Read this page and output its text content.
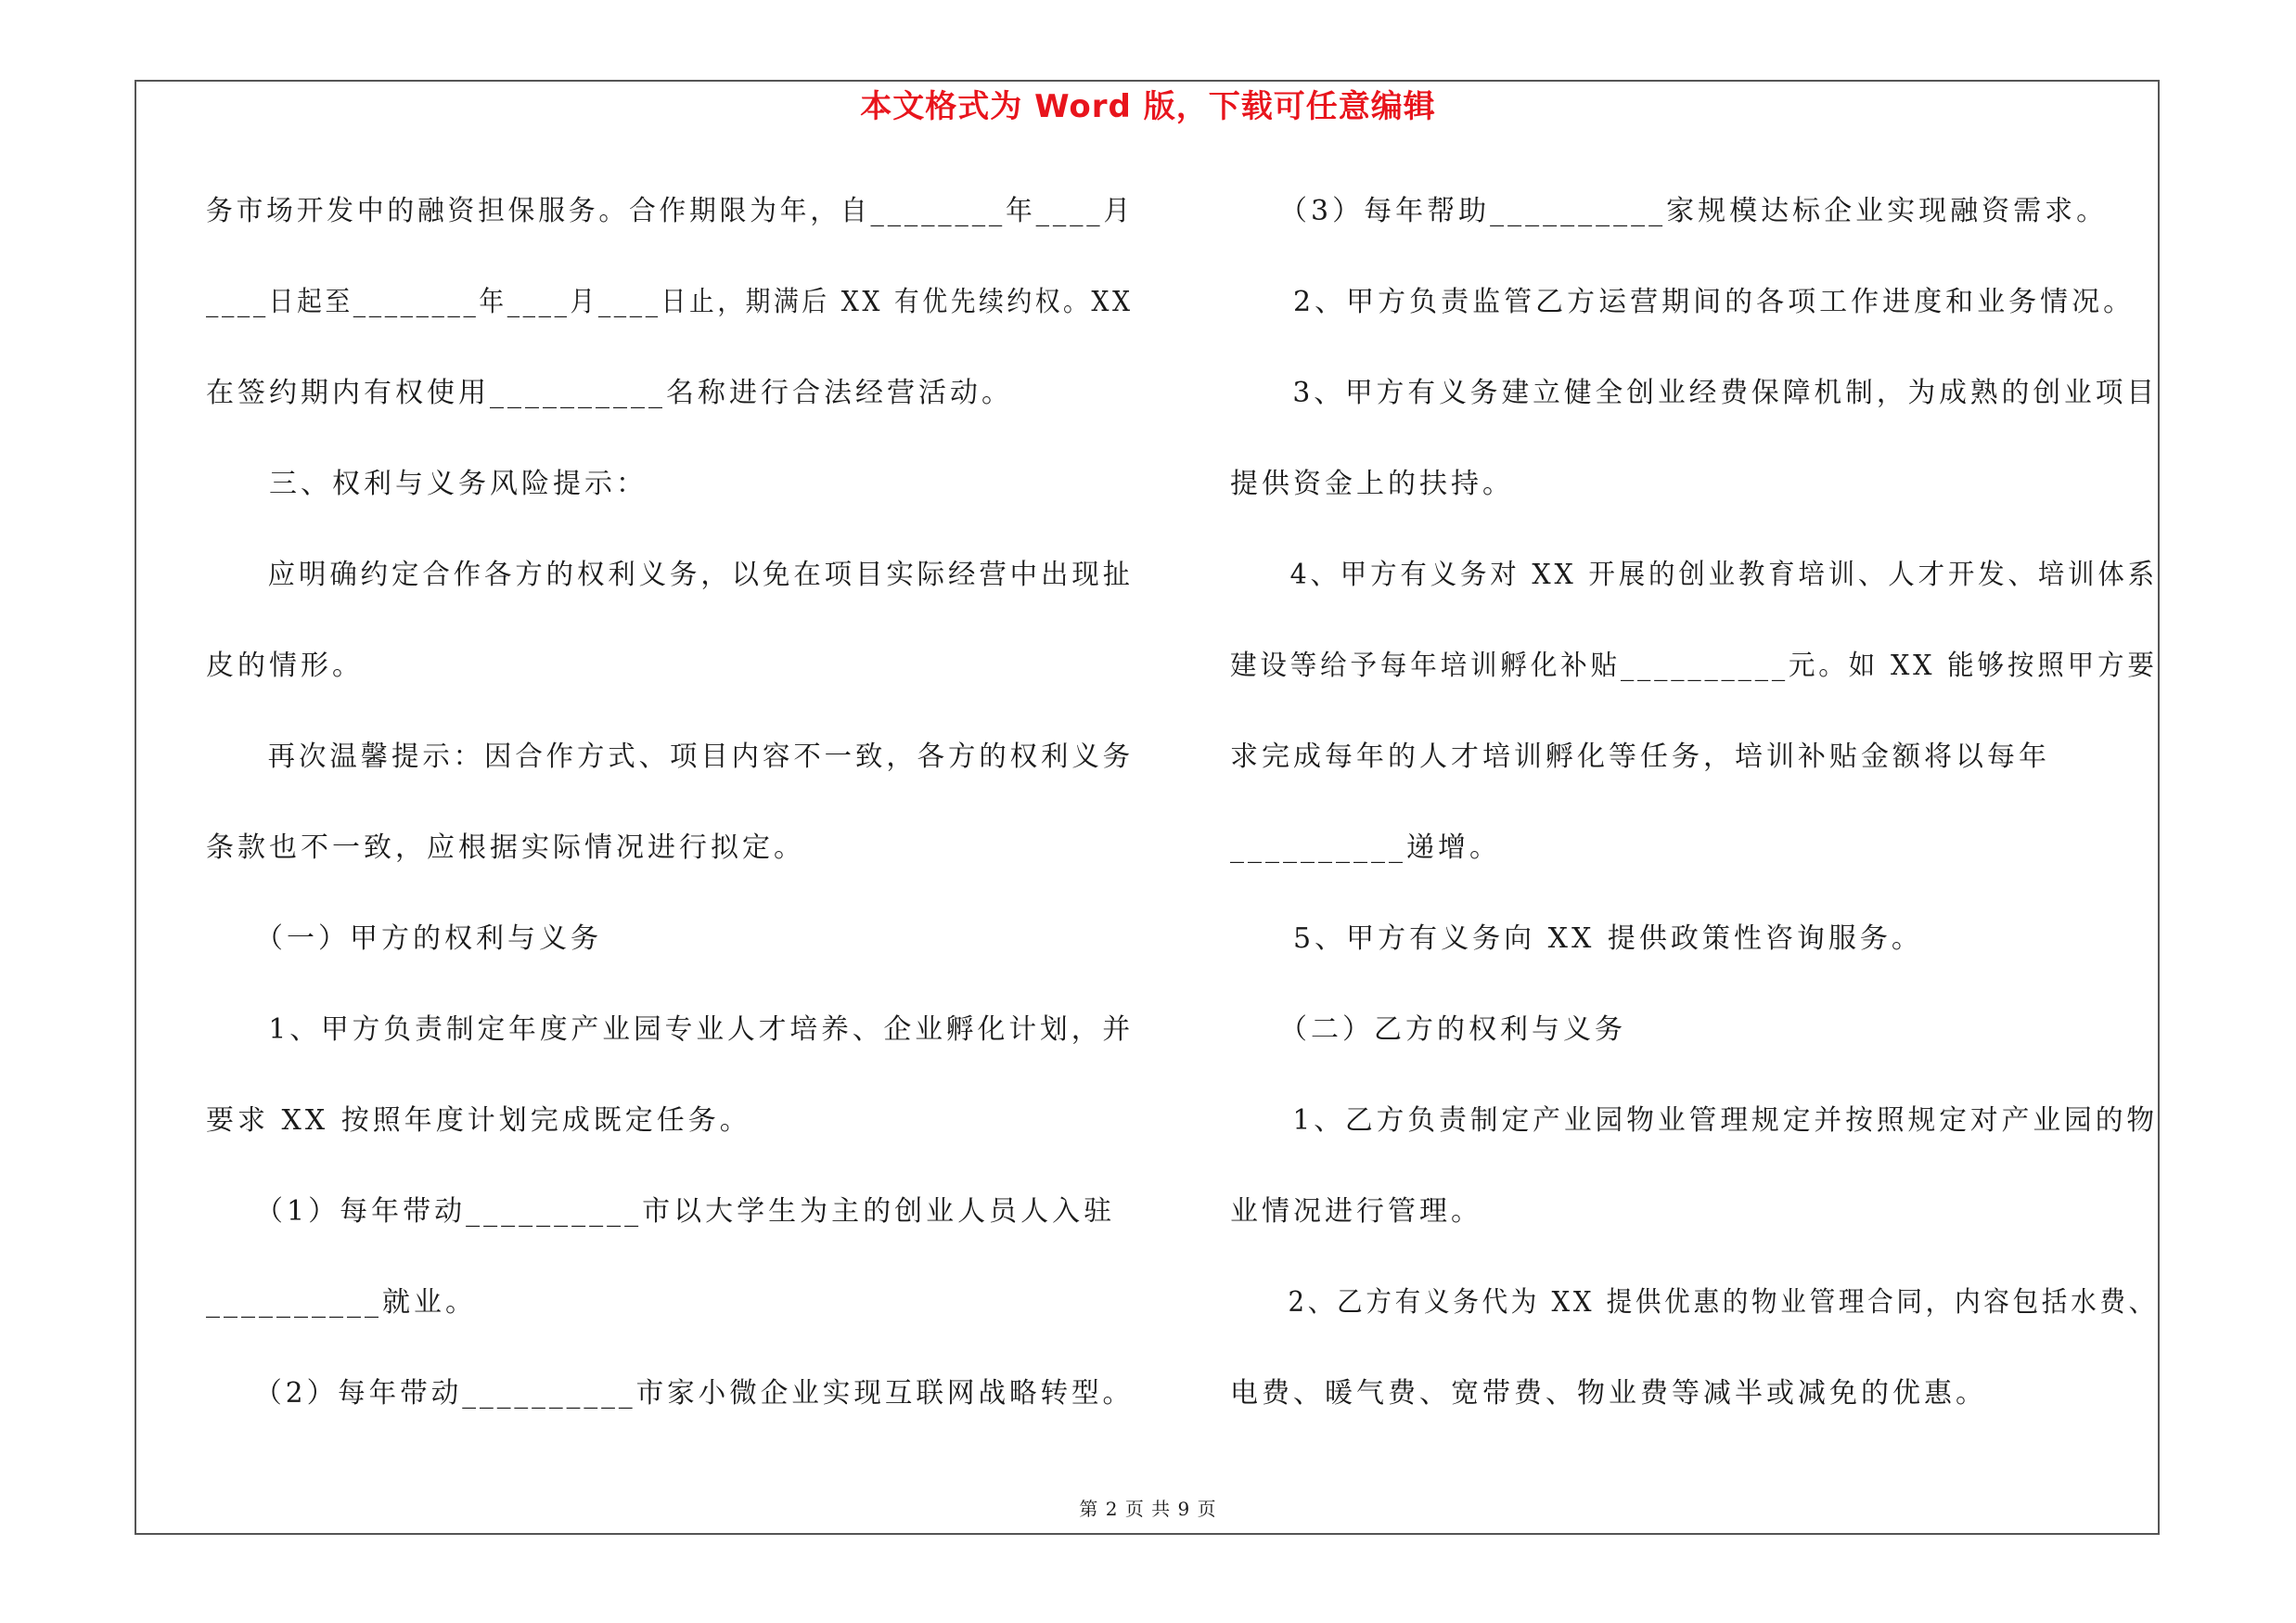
本文格式为 Word 版，下载可任意编辑
务市场开发中的融资担保服务。合作期限为年，自________年____月
____日起至________年____月____日止，期满后 XX 有优先续约权。XX
在签约期内有权使用__________名称进行合法经营活动。
　　三、权利与义务风险提示：
　　应明确约定合作各方的权利义务，以免在项目实际经营中出现扯
皮的情形。
　　再次温馨提示：因合作方式、项目内容不一致，各方的权利义务
条款也不一致，应根据实际情况进行拟定。
　　（一）甲方的权利与义务
　　1、甲方负责制定年度产业园专业人才培养、企业孵化计划，并
要求 XX 按照年度计划完成既定任务。
　　（1）每年带动__________市以大学生为主的创业人员人入驻
__________就业。
　　（2）每年带动__________市家小微企业实现互联网战略转型。
　　（3）每年帮助__________家规模达标企业实现融资需求。
　　2、甲方负责监管乙方运营期间的各项工作进度和业务情况。
　　3、甲方有义务建立健全创业经费保障机制，为成熟的创业项目
提供资金上的扶持。
　　4、甲方有义务对 XX 开展的创业教育培训、人才开发、培训体系
建设等给予每年培训孵化补贴__________元。如 XX 能够按照甲方要
求完成每年的人才培训孵化等任务，培训补贴金额将以每年
__________递增。
　　5、甲方有义务向 XX 提供政策性咨询服务。
　　（二）乙方的权利与义务
　　1、乙方负责制定产业园物业管理规定并按照规定对产业园的物
业情况进行管理。
　　2、乙方有义务代为 XX 提供优惠的物业管理合同，内容包括水费、
电费、暖气费、宽带费、物业费等减半或减免的优惠。
第 2 页 共 9 页
